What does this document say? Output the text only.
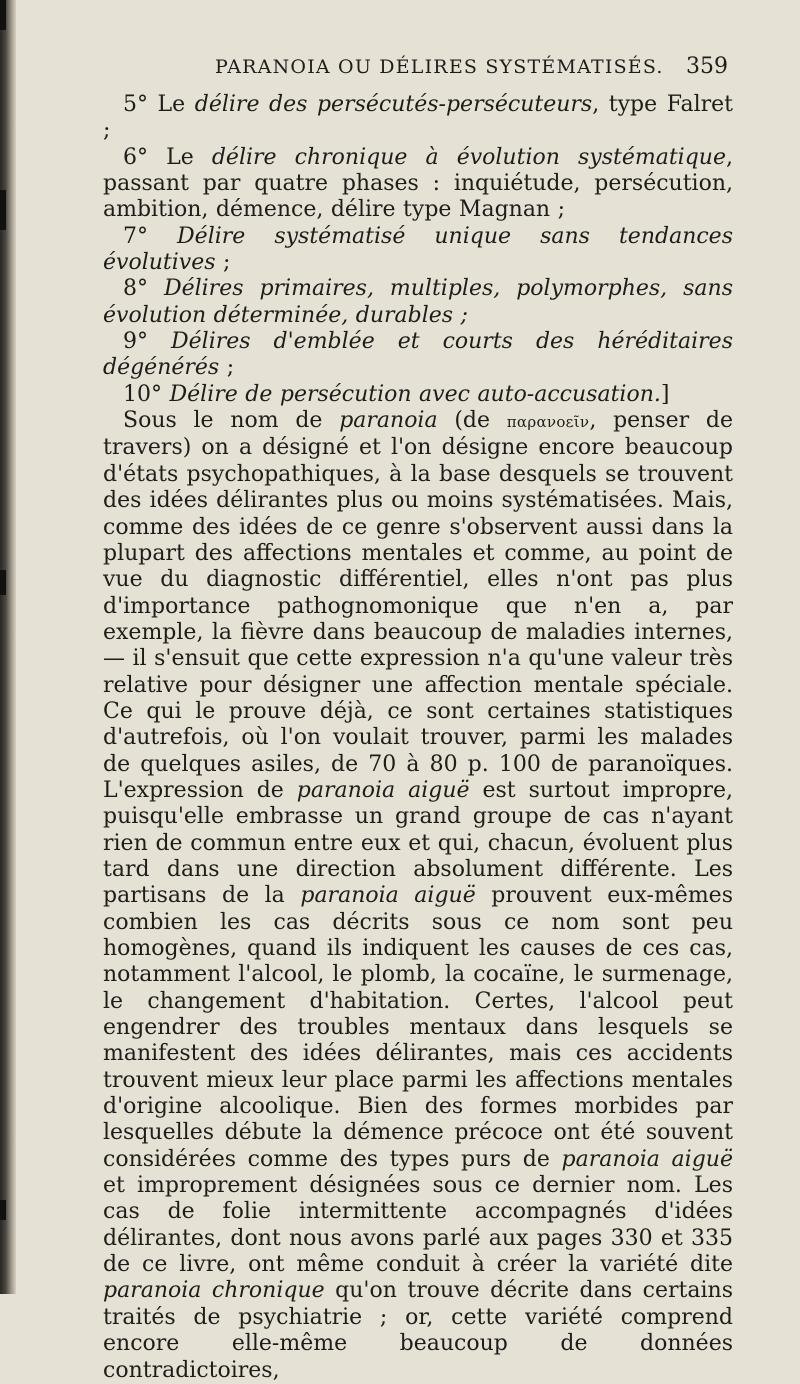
PARANOIA OU DÉLIRES SYSTÉMATISÉS. 359

5° Le délire des persécutés-persécuteurs, type Falret ;

6° Le délire chronique à évolution systématique, passant par quatre phases : inquiétude, persécution, ambition, démence, délire type Magnan ;

7° Délire systématisé unique sans tendances évolutives ;

8° Délires primaires, multiples, polymorphes, sans évolution déterminée, durables ;

9° Délires d'emblée et courts des héréditaires dégénérés ;

10° Délire de persécution avec auto-accusation.]

Sous le nom de paranoia (de παρανοεῖν, penser de travers) on a désigné et l'on désigne encore beaucoup d'états psychopathiques, à la base desquels se trouvent des idées délirantes plus ou moins systématisées. Mais, comme des idées de ce genre s'observent aussi dans la plupart des affections mentales et comme, au point de vue du diagnostic différentiel, elles n'ont pas plus d'importance pathognomonique que n'en a, par exemple, la fièvre dans beaucoup de maladies internes, — il s'ensuit que cette expression n'a qu'une valeur très relative pour désigner une affection mentale spéciale. Ce qui le prouve déjà, ce sont certaines statistiques d'autrefois, où l'on voulait trouver, parmi les malades de quelques asiles, de 70 à 80 p. 100 de paranoïques. L'expression de paranoia aiguë est surtout impropre, puisqu'elle embrasse un grand groupe de cas n'ayant rien de commun entre eux et qui, chacun, évoluent plus tard dans une direction absolument différente. Les partisans de la paranoia aiguë prouvent eux-mêmes combien les cas décrits sous ce nom sont peu homogènes, quand ils indiquent les causes de ces cas, notamment l'alcool, le plomb, la cocaïne, le surmenage, le changement d'habitation. Certes, l'alcool peut engendrer des troubles mentaux dans lesquels se manifestent des idées délirantes, mais ces accidents trouvent mieux leur place parmi les affections mentales d'origine alcoolique. Bien des formes morbides par lesquelles débute la démence précoce ont été souvent considérées comme des types purs de paranoia aiguë et improprement désignées sous ce dernier nom. Les cas de folie intermittente accompagnés d'idées délirantes, dont nous avons parlé aux pages 330 et 335 de ce livre, ont même conduit à créer la variété dite paranoia chronique qu'on trouve décrite dans certains traités de psychiatrie ; or, cette variété comprend encore elle-même beaucoup de données contradictoires,
